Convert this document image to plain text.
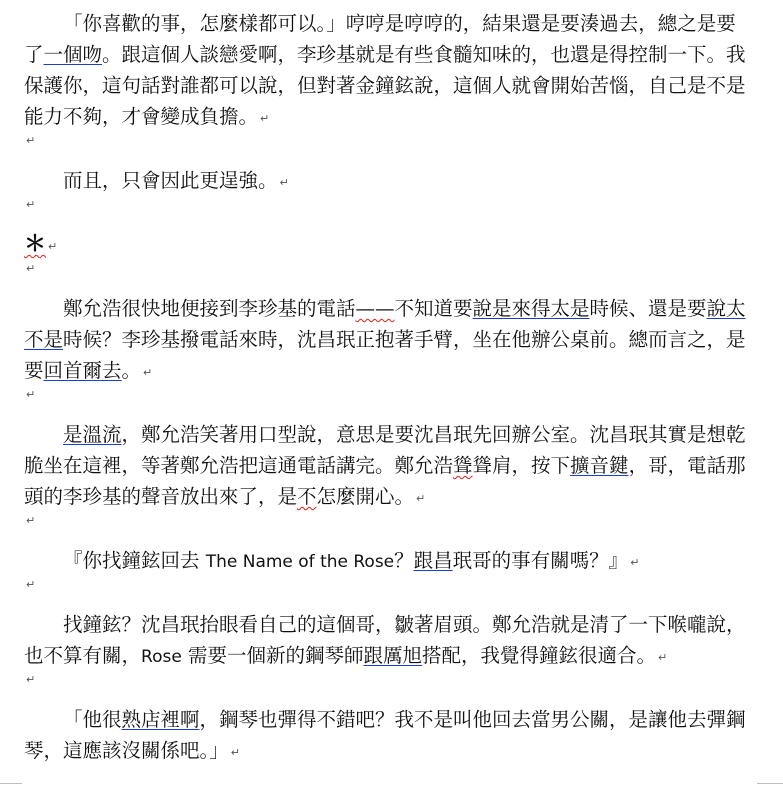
「你喜歡的事，怎麼樣都可以。」哼哼是哼哼的，結果還是要湊過去，總之是要了一個吻。跟這個人談戀愛啊，李珍基就是有些食髓知味的，也還是得控制一下。我保護你，這句話對誰都可以說，但對著金鐘鉉說，這個人就會開始苦惱，自己是不是能力不夠，才會變成負擔。 ↵

↵

而且，只會因此更逞強。 ↵

↵

＊ ↵

↵

鄭允浩很快地便接到李珍基的電話——不知道要說是來得太是時候、還是要說太不是時候？李珍基撥電話來時，沈昌珉正抱著手臂，坐在他辦公桌前。總而言之，是要回首爾去。 ↵

↵

是溫流，鄭允浩笑著用口型說，意思是要沈昌珉先回辦公室。沈昌珉其實是想乾脆坐在這裡，等著鄭允浩把這通電話講完。鄭允浩聳聳肩，按下擴音鍵，哥，電話那頭的李珍基的聲音放出來了，是不怎麼開心。 ↵

↵

『你找鐘鉉回去 The Name of the Rose？跟昌珉哥的事有關嗎？』 ↵

↵

找鐘鉉？沈昌珉抬眼看自己的這個哥，皺著眉頭。鄭允浩就是清了一下喉嚨說，也不算有關，Rose 需要一個新的鋼琴師跟厲旭搭配，我覺得鐘鉉很適合。 ↵

↵

「他很熟店裡啊，鋼琴也彈得不錯吧？我不是叫他回去當男公關，是讓他去彈鋼琴，這應該沒關係吧。」 ↵
